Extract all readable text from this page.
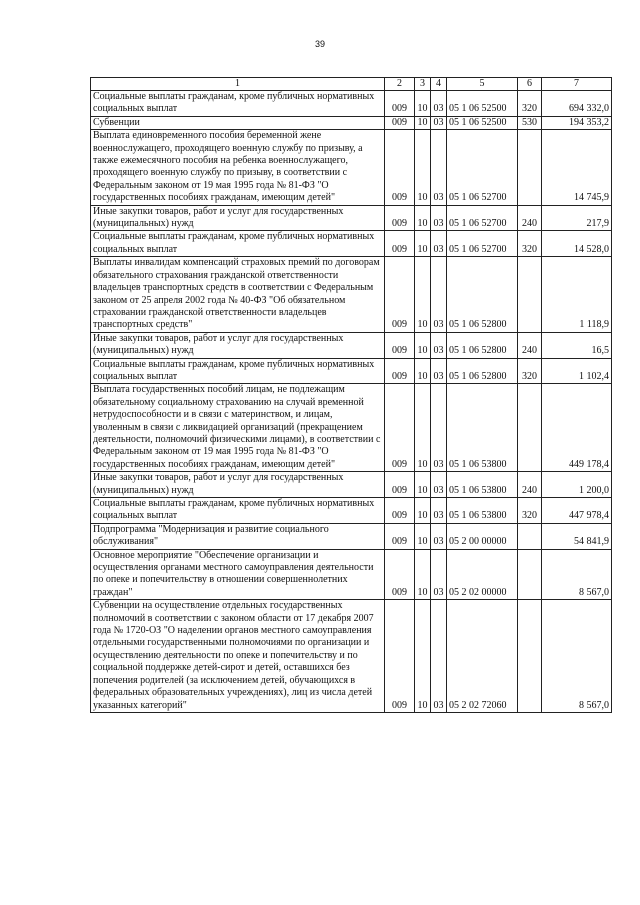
39
1	2	3	4	5	6	7
Социальные выплаты гражданам, кроме публичных нормативных социальных выплат	009	10	03	05 1 06 52500	320	694 332,0
Субвенции	009	10	03	05 1 06 52500	530	194 353,2
Выплата единовременного пособия беременной жене военнослужащего, проходящего военную службу по призыву, а также ежемесячного пособия на ребенка военнослужащего, проходящего военную службу по призыву, в соответствии с Федеральным законом от 19 мая 1995 года № 81-ФЗ "О государственных пособиях гражданам, имеющим детей"	009	10	03	05 1 06 52700		14 745,9
Иные закупки товаров, работ и услуг для государственных (муниципальных) нужд	009	10	03	05 1 06 52700	240	217,9
Социальные выплаты гражданам, кроме публичных нормативных социальных выплат	009	10	03	05 1 06 52700	320	14 528,0
Выплаты инвалидам компенсаций страховых премий по договорам обязательного страхования гражданской ответственности владельцев транспортных средств в соответствии с Федеральным законом от 25 апреля 2002 года № 40-ФЗ "Об обязательном страховании гражданской ответственности владельцев транспортных средств"	009	10	03	05 1 06 52800		1 118,9
Иные закупки товаров, работ и услуг для государственных (муниципальных) нужд	009	10	03	05 1 06 52800	240	16,5
Социальные выплаты гражданам, кроме публичных нормативных социальных выплат	009	10	03	05 1 06 52800	320	1 102,4
Выплата государственных пособий лицам, не подлежащим обязательному социальному страхованию на случай временной нетрудоспособности и в связи с материнством, и лицам, уволенным в связи с ликвидацией организаций (прекращением деятельности, полномочий физическими лицами), в соответствии с Федеральным законом от 19 мая 1995 года № 81-ФЗ "О государственных пособиях гражданам, имеющим детей"	009	10	03	05 1 06 53800		449 178,4
Иные закупки товаров, работ и услуг для государственных (муниципальных) нужд	009	10	03	05 1 06 53800	240	1 200,0
Социальные выплаты гражданам, кроме публичных нормативных социальных выплат	009	10	03	05 1 06 53800	320	447 978,4
Подпрограмма "Модернизация и развитие социального обслуживания"	009	10	03	05 2 00 00000		54 841,9
Основное мероприятие "Обеспечение организации и осуществления органами местного самоуправления деятельности по опеке и попечительству в отношении совершеннолетних граждан"	009	10	03	05 2 02 00000		8 567,0
Субвенции на осуществление отдельных государственных полномочий в соответствии с законом области от 17 декабря 2007 года № 1720-ОЗ "О наделении органов местного самоуправления отдельными государственными полномочиями по организации и осуществлению деятельности по опеке и попечительству и по социальной поддержке детей-сирот и детей, оставшихся без попечения родителей (за исключением детей, обучающихся в федеральных образовательных учреждениях), лиц из числа детей указанных категорий"	009	10	03	05 2 02 72060		8 567,0
